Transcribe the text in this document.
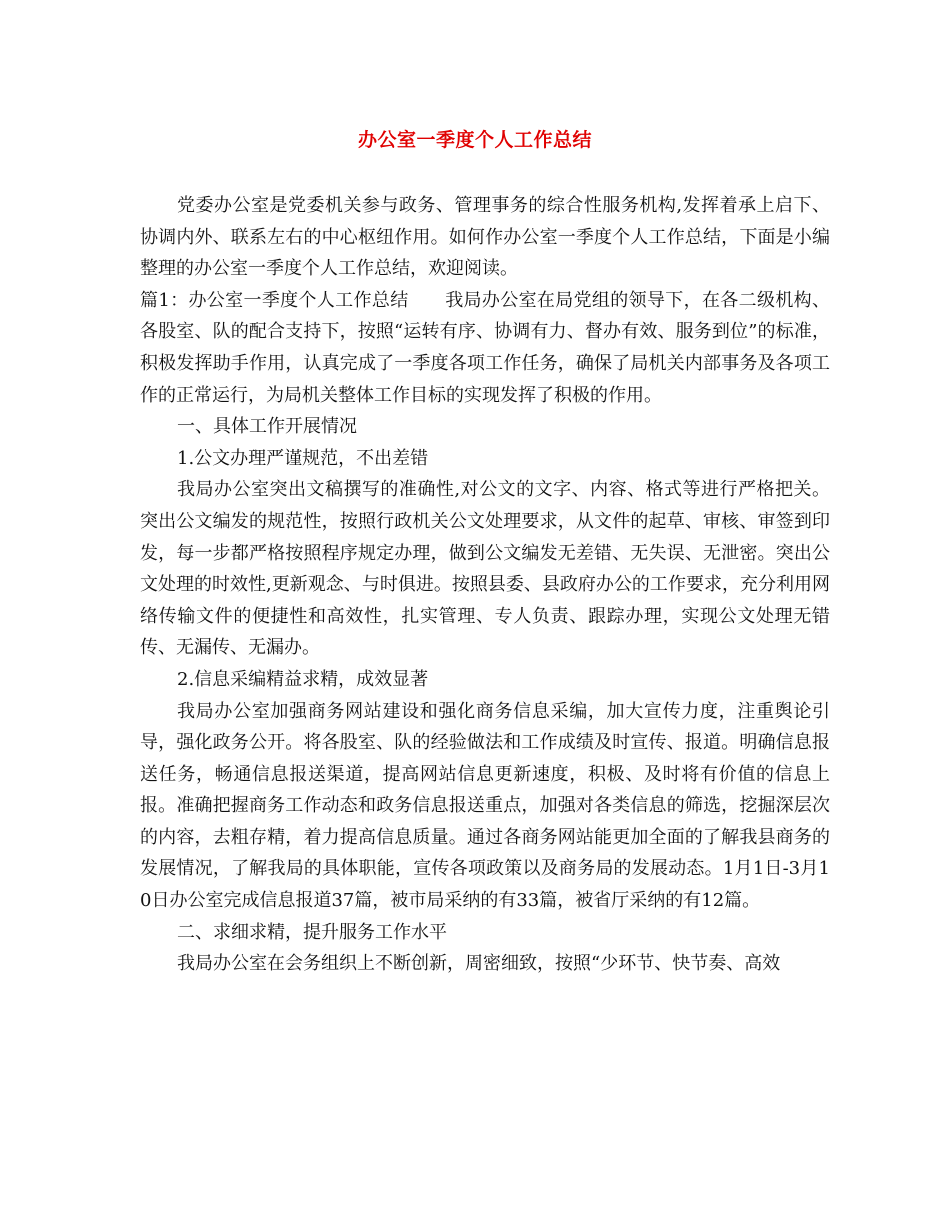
办公室一季度个人工作总结

党委办公室是党委机关参与政务、管理事务的综合性服务机构,发挥着承上启下、协调内外、联系左右的中心枢纽作用。如何作办公室一季度个人工作总结，下面是小编整理的办公室一季度个人工作总结，欢迎阅读。

篇1：办公室一季度个人工作总结　　我局办公室在局党组的领导下，在各二级机构、各股室、队的配合支持下，按照“运转有序、协调有力、督办有效、服务到位”的标准，积极发挥助手作用，认真完成了一季度各项工作任务，确保了局机关内部事务及各项工作的正常运行，为局机关整体工作目标的实现发挥了积极的作用。

一、具体工作开展情况

1.公文办理严谨规范，不出差错

我局办公室突出文稿撰写的准确性,对公文的文字、内容、格式等进行严格把关。突出公文编发的规范性，按照行政机关公文处理要求，从文件的起草、审核、审签到印发，每一步都严格按照程序规定办理，做到公文编发无差错、无失误、无泄密。突出公文处理的时效性,更新观念、与时俱进。按照县委、县政府办公的工作要求，充分利用网络传输文件的便捷性和高效性，扎实管理、专人负责、跟踪办理，实现公文处理无错传、无漏传、无漏办。

2.信息采编精益求精，成效显著

我局办公室加强商务网站建设和强化商务信息采编，加大宣传力度，注重舆论引导，强化政务公开。将各股室、队的经验做法和工作成绩及时宣传、报道。明确信息报送任务，畅通信息报送渠道，提高网站信息更新速度，积极、及时将有价值的信息上报。准确把握商务工作动态和政务信息报送重点，加强对各类信息的筛选，挖掘深层次的内容，去粗存精，着力提高信息质量。通过各商务网站能更加全面的了解我县商务的发展情况，了解我局的具体职能，宣传各项政策以及商务局的发展动态。1月1日-3月10日办公室完成信息报道37篇，被市局采纳的有33篇，被省厅采纳的有12篇。

二、求细求精，提升服务工作水平

我局办公室在会务组织上不断创新，周密细致，按照“少环节、快节奏、高效
